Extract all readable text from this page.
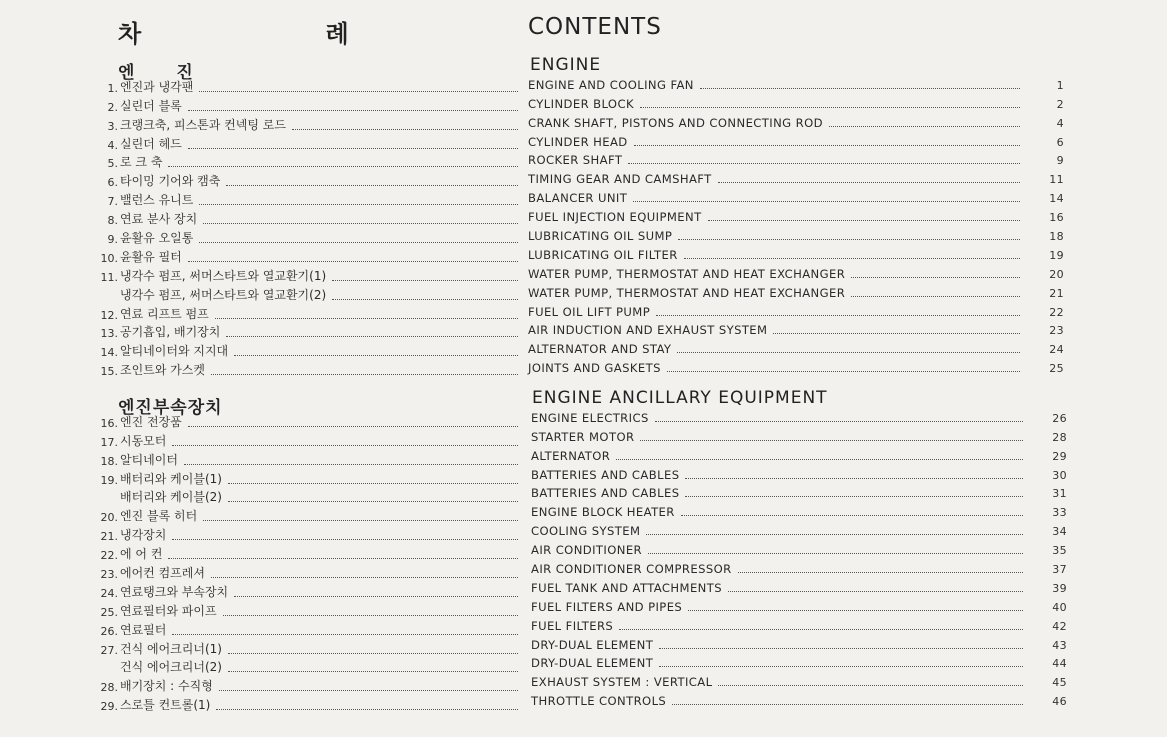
차 례	CONTENTS
엔 진
1. 엔진과 냉각팬
2. 실린더 블록
3. 크랭크축, 피스톤과 컨넥팅 로드
4. 실린더 헤드
5. 로 크 축
6. 타이밍 기어와 캠축
7. 밸런스 유니트
8. 연료 분사 장치
9. 윤활유 오일통
10. 윤활유 필터
11. 냉각수 펌프, 써머스타트와 열교환기(1)
냉각수 펌프, 써머스타트와 열교환기(2)
12. 연료 리프트 펌프
13. 공기흡입, 배기장치
14. 알티네이터와 지지대
15. 조인트와 가스켓
엔진부속장치
16. 엔진 전장품
17. 시동모터
18. 알티네이터
19. 배터리와 케이블(1)
배터리와 케이블(2)
20. 엔진 블록 히터
21. 냉각장치
22. 에 어 컨
23. 에어컨 컴프레셔
24. 연료탱크와 부속장치
25. 연료필터와 파이프
26. 연료필터
27. 건식 에어크리너(1)
건식 에어크리너(2)
28. 배기장치 : 수직형
29. 스로틀 컨트롤(1)
ENGINE
ENGINE AND COOLING FAN	1
CYLINDER BLOCK	2
CRANK SHAFT, PISTONS AND CONNECTING ROD	4
CYLINDER HEAD	6
ROCKER SHAFT	9
TIMING GEAR AND CAMSHAFT	11
BALANCER UNIT	14
FUEL INJECTION EQUIPMENT	16
LUBRICATING OIL SUMP	18
LUBRICATING OIL FILTER	19
WATER PUMP, THERMOSTAT AND HEAT EXCHANGER	20
WATER PUMP, THERMOSTAT AND HEAT EXCHANGER	21
FUEL OIL LIFT PUMP	22
AIR INDUCTION AND EXHAUST SYSTEM	23
ALTERNATOR AND STAY	24
JOINTS AND GASKETS	25
ENGINE ANCILLARY EQUIPMENT
ENGINE ELECTRICS	26
STARTER MOTOR	28
ALTERNATOR	29
BATTERIES AND CABLES	30
BATTERIES AND CABLES	31
ENGINE BLOCK HEATER	33
COOLING SYSTEM	34
AIR CONDITIONER	35
AIR CONDITIONER COMPRESSOR	37
FUEL TANK AND ATTACHMENTS	39
FUEL FILTERS AND PIPES	40
FUEL FILTERS	42
DRY-DUAL ELEMENT	43
DRY-DUAL ELEMENT	44
EXHAUST SYSTEM : VERTICAL	45
THROTTLE CONTROLS	46
